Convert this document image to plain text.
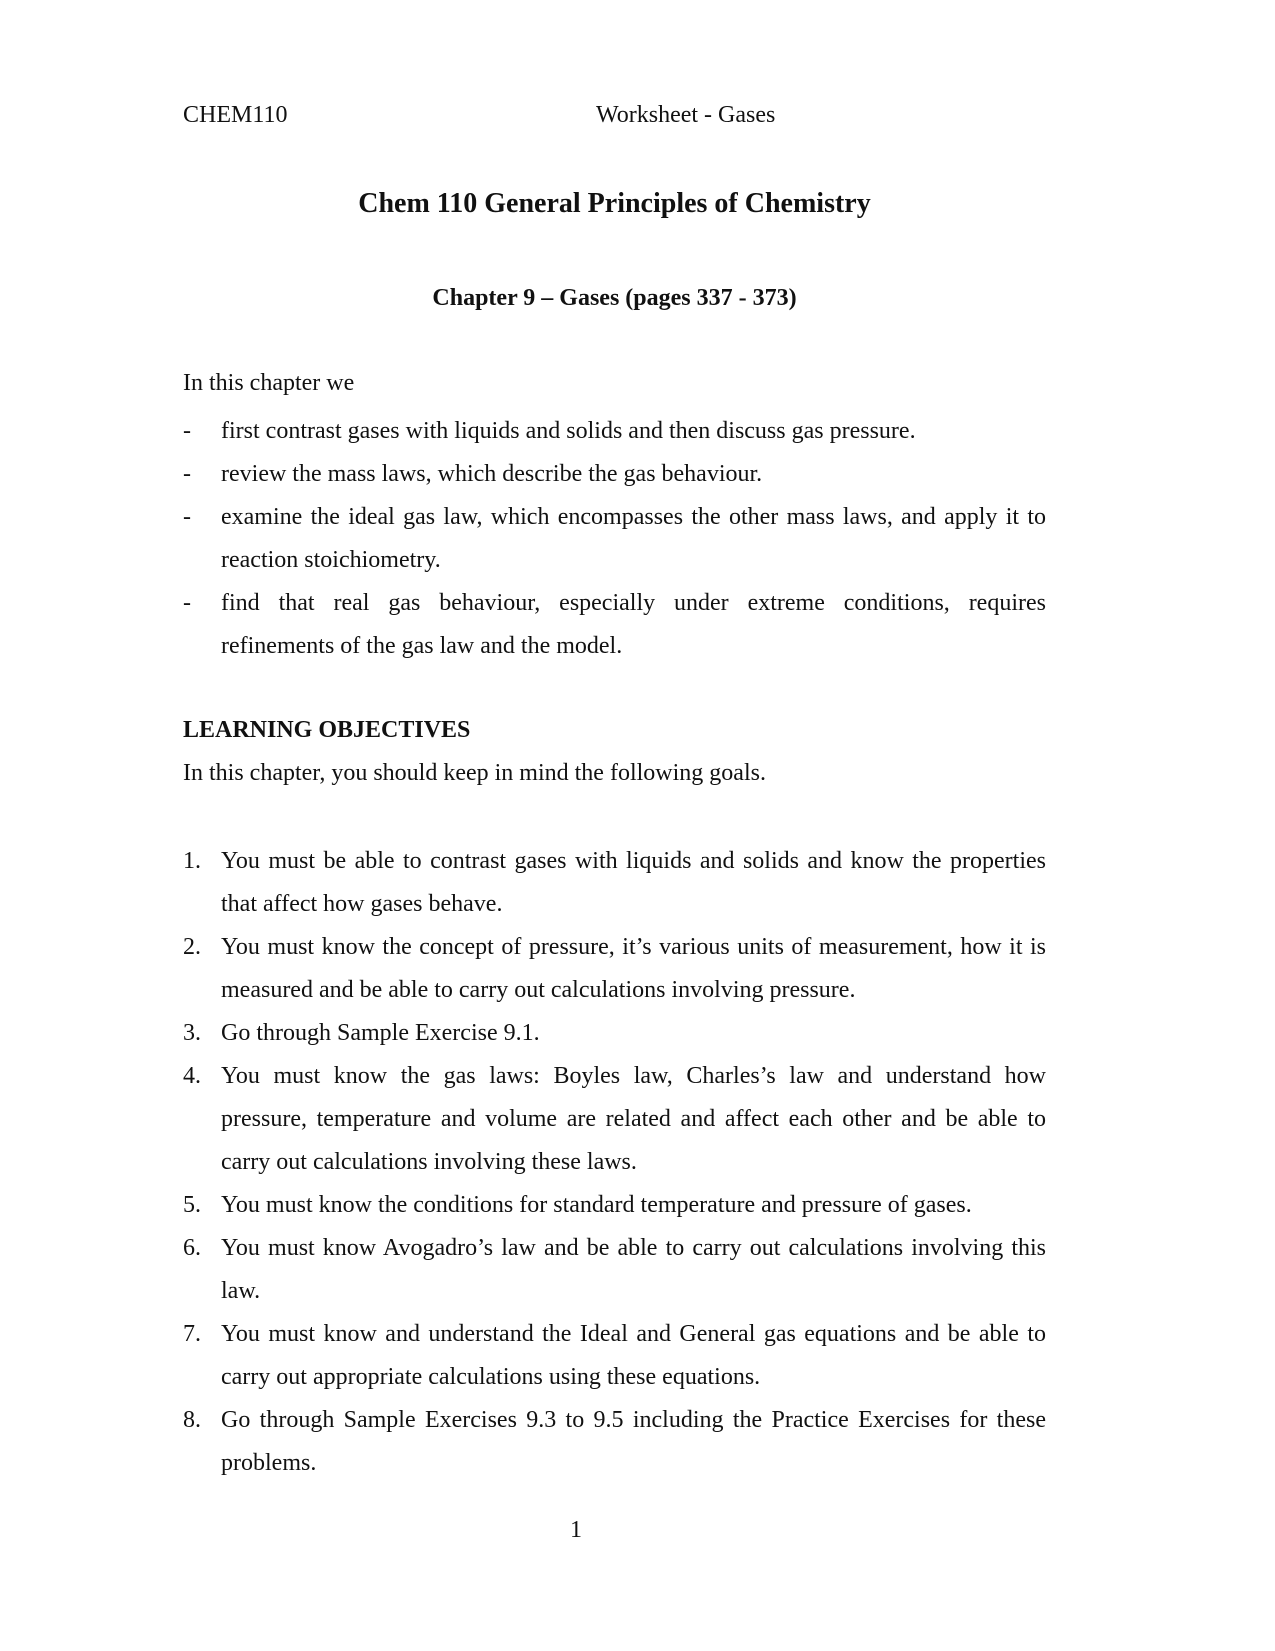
CHEM110	Worksheet - Gases
Chem 110 General Principles of Chemistry
Chapter 9 – Gases (pages 337 - 373)
In this chapter we
- first contrast gases with liquids and solids and then discuss gas pressure.
- review the mass laws, which describe the gas behaviour.
- examine the ideal gas law, which encompasses the other mass laws, and apply it to reaction stoichiometry.
- find that real gas behaviour, especially under extreme conditions, requires refinements of the gas law and the model.
LEARNING OBJECTIVES
In this chapter, you should keep in mind the following goals.
1. You must be able to contrast gases with liquids and solids and know the properties that affect how gases behave.
2. You must know the concept of pressure, it’s various units of measurement, how it is measured and be able to carry out calculations involving pressure.
3. Go through Sample Exercise 9.1.
4. You must know the gas laws: Boyles law, Charles’s law and understand how pressure, temperature and volume are related and affect each other and be able to carry out calculations involving these laws.
5. You must know the conditions for standard temperature and pressure of gases.
6. You must know Avogadro’s law and be able to carry out calculations involving this law.
7. You must know and understand the Ideal and General gas equations and be able to carry out appropriate calculations using these equations.
8. Go through Sample Exercises 9.3 to 9.5 including the Practice Exercises for these problems.
1
